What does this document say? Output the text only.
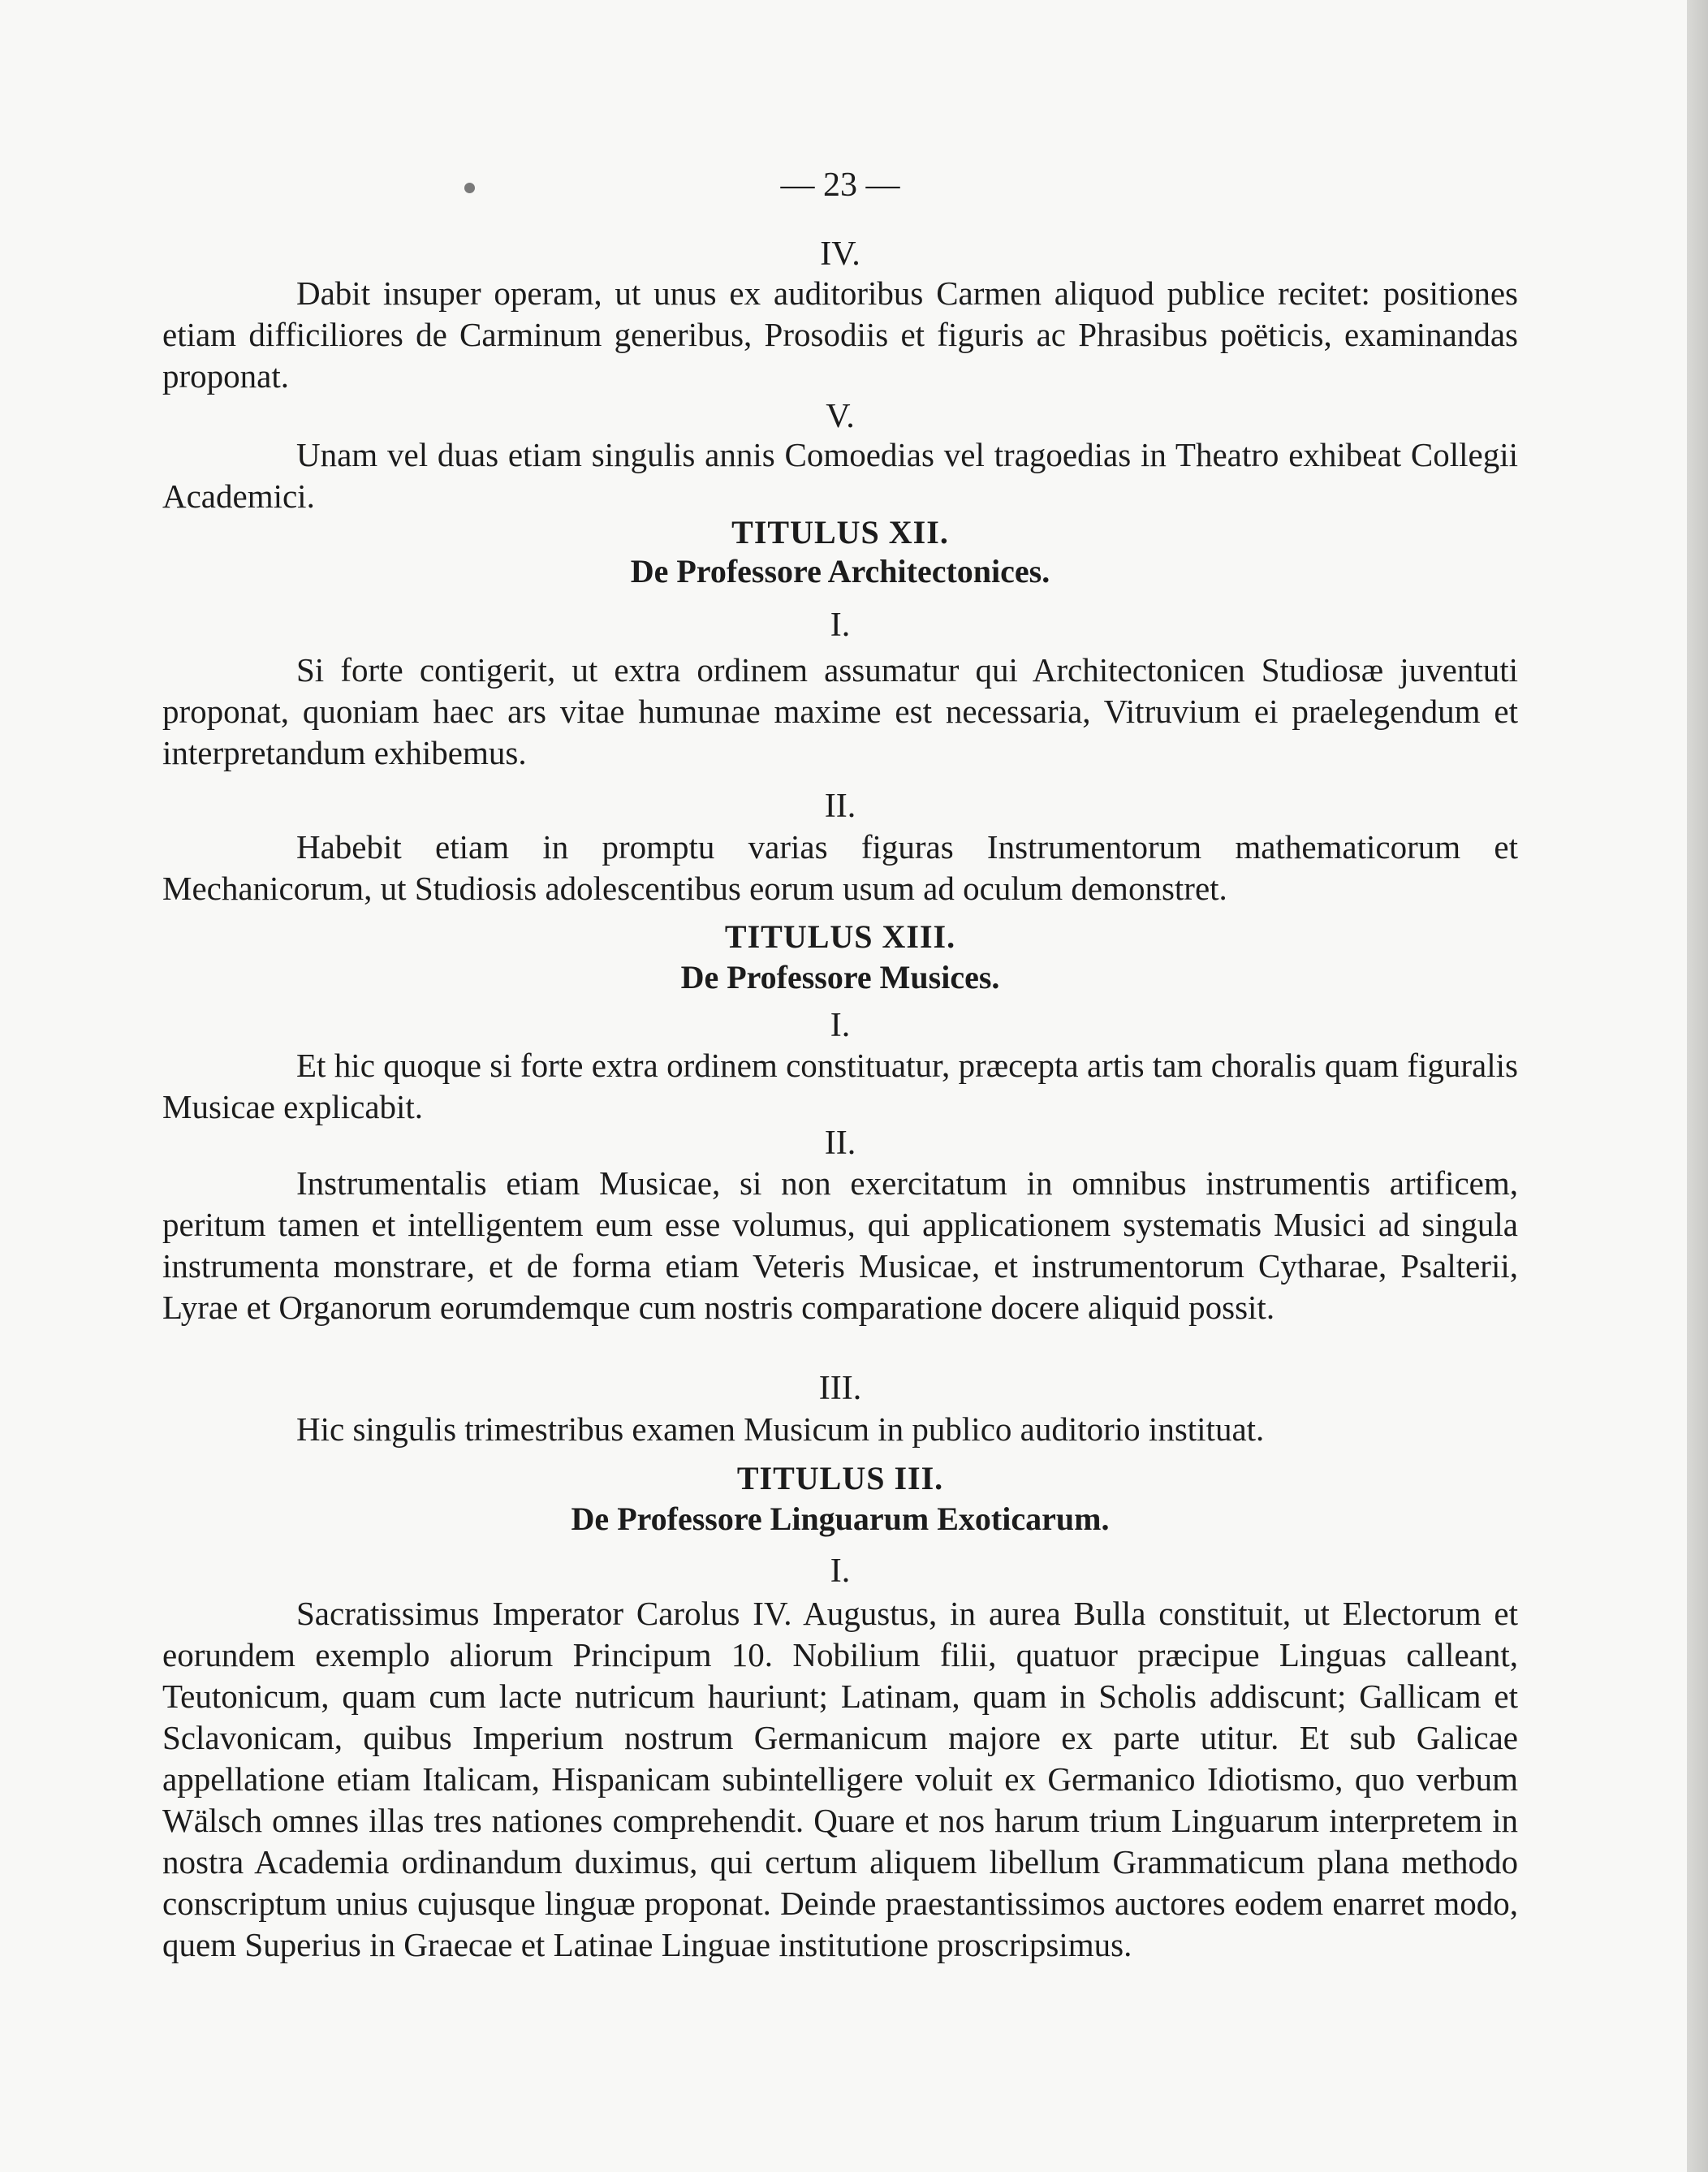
— 23 —
IV.
Dabit insuper operam, ut unus ex auditoribus Carmen aliquod publice recitet: positiones etiam difficiliores de Carminum generibus, Prosodiis et figuris ac Phrasibus poëticis, examinandas proponat.
V.
Unam vel duas etiam singulis annis Comoedias vel tragoedias in Theatro exhibeat Collegii Academici.
TITULUS XII.
De Professore Architectonices.
I.
Si forte contigerit, ut extra ordinem assumatur qui Architectonicen Studiosæ juventuti proponat, quoniam haec ars vitae humunae maxime est necessaria, Vitruvium ei praelegendum et interpretandum exhibemus.
II.
Habebit etiam in promptu varias figuras Instrumentorum mathematicorum et Mechanicorum, ut Studiosis adolescentibus eorum usum ad oculum demonstret.
TITULUS XIII.
De Professore Musices.
I.
Et hic quoque si forte extra ordinem constituatur, præcepta artis tam choralis quam figuralis Musicae explicabit.
II.
Instrumentalis etiam Musicae, si non exercitatum in omnibus instrumentis artificem, peritum tamen et intelligentem eum esse volumus, qui applicationem systematis Musici ad singula instrumenta monstrare, et de forma etiam Veteris Musicae, et instrumentorum Cytharae, Psalterii, Lyrae et Organorum eorumdemque cum nostris comparatione docere aliquid possit.
III.
Hic singulis trimestribus examen Musicum in publico auditorio instituat.
TITULUS III.
De Professore Linguarum Exoticarum.
I.
Sacratissimus Imperator Carolus IV. Augustus, in aurea Bulla constituit, ut Electorum et eorundem exemplo aliorum Principum 10. Nobilium filii, quatuor præcipue Linguas calleant, Teutonicum, quam cum lacte nutricum hauriunt; Latinam, quam in Scholis addiscunt; Gallicam et Sclavonicam, quibus Imperium nostrum Germanicum majore ex parte utitur. Et sub Galicae appellatione etiam Italicam, Hispanicam subintelligere voluit ex Germanico Idiotismo, quo verbum Wälsch omnes illas tres nationes comprehendit. Quare et nos harum trium Linguarum interpretem in nostra Academia ordinandum duximus, qui certum aliquem libellum Grammaticum plana methodo conscriptum unius cujusque linguæ proponat. Deinde praestantissimos auctores eodem enarret modo, quem Superius in Graecae et Latinae Linguae institutione proscripsimus.
